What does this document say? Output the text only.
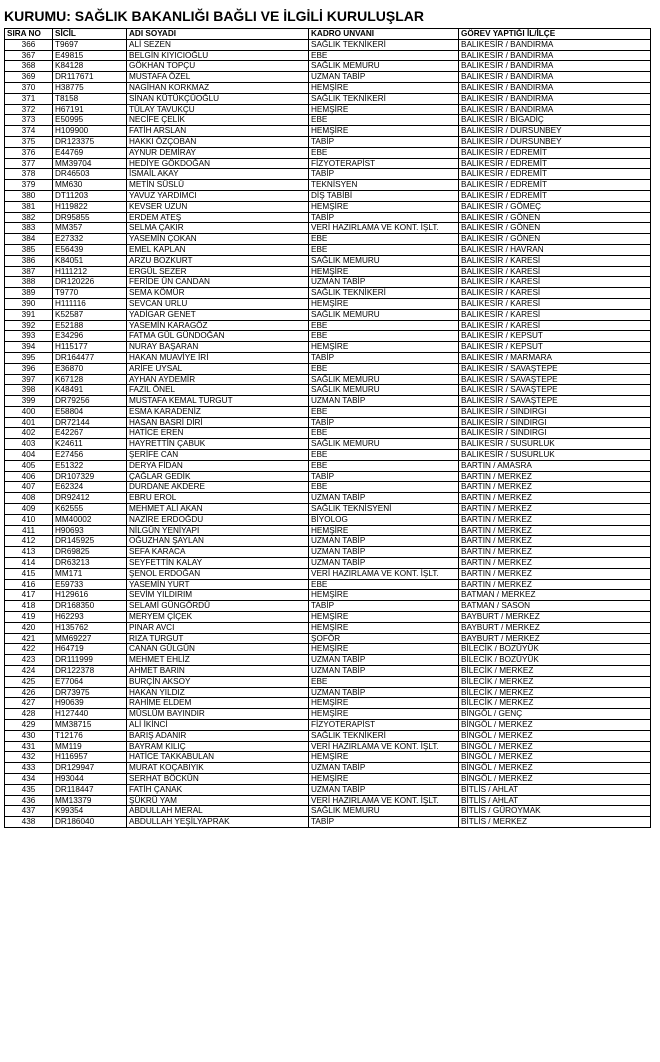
KURUMU: SAĞLIK BAKANLIĞI BAĞLI VE İLGİLİ KURULUŞLAR
SIRA NO	SİCİL	ADI SOYADI	KADRO UNVANI	GÖREV YAPTIĞI İL/İLÇE
366	T9697	ALİ SEZEN	SAĞLIK TEKNİKERİ	BALIKESİR / BANDIRMA
367	E49815	BELGİN KIYICIOĞLU	EBE	BALIKESİR / BANDIRMA
368	K84128	GÖKHAN TOPÇU	SAĞLIK MEMURU	BALIKESİR / BANDIRMA
369	DR117671	MUSTAFA ÖZEL	UZMAN TABİP	BALIKESİR / BANDIRMA
370	H38775	NAGİHAN KORKMAZ	HEMŞİRE	BALIKESİR / BANDIRMA
371	T8158	SİNAN KÜTÜKÇÜOĞLU	SAĞLIK TEKNİKERİ	BALIKESİR / BANDIRMA
372	H67191	TÜLAY TAVUKÇU	HEMŞİRE	BALIKESİR / BANDIRMA
373	E50995	NECİFE ÇELİK	EBE	BALIKESİR / BİGADİÇ
374	H109900	FATİH ARSLAN	HEMŞİRE	BALIKESİR / DURSUNBEY
375	DR123375	HAKKI ÖZÇOBAN	TABİP	BALIKESİR / DURSUNBEY
376	E44769	AYNUR DEMİRAY	EBE	BALIKESİR / EDREMİT
377	MM39704	HEDİYE GÖKDOĞAN	FİZYOTERAPİST	BALIKESİR / EDREMİT
378	DR46503	İSMAİL AKAY	TABİP	BALIKESİR / EDREMİT
379	MM630	METİN SÜSLÜ	TEKNİSYEN	BALIKESİR / EDREMİT
380	DT11203	YAVUZ YARDIMCI	DİŞ TABİBİ	BALIKESİR / EDREMİT
381	H119822	KEVSER UZUN	HEMŞİRE	BALIKESİR / GÖMEÇ
382	DR95855	ERDEM ATEŞ	TABİP	BALIKESİR / GÖNEN
383	MM357	SELMA ÇAKIR	VERİ HAZIRLAMA VE KONT. İŞLT.	BALIKESİR / GÖNEN
384	E27332	YASEMİN ÇOKAN	EBE	BALIKESİR / GÖNEN
385	E56439	EMEL KAPLAN	EBE	BALIKESİR / HAVRAN
386	K84051	ARZU BOZKURT	SAĞLIK MEMURU	BALIKESİR / KARESİ
387	H111212	ERGÜL SEZER	HEMŞİRE	BALIKESİR / KARESİ
388	DR120226	FERİDE ÜN CANDAN	UZMAN TABİP	BALIKESİR / KARESİ
389	T9770	SEMA KÖMÜR	SAĞLIK TEKNİKERİ	BALIKESİR / KARESİ
390	H111116	SEVCAN URLU	HEMŞİRE	BALIKESİR / KARESİ
391	K52587	YADİGAR GENET	SAĞLIK MEMURU	BALIKESİR / KARESİ
392	E52188	YASEMİN KARAGÖZ	EBE	BALIKESİR / KARESİ
393	E34296	FATMA GÜL GÜNDOĞAN	EBE	BALIKESİR / KEPSUT
394	H115177	NURAY BAŞARAN	HEMŞİRE	BALIKESİR / KEPSUT
395	DR164477	HAKAN MUAVİYE İRİ	TABİP	BALIKESİR / MARMARA
396	E36870	ARİFE UYSAL	EBE	BALIKESİR / SAVAŞTEPE
397	K67128	AYHAN AYDEMİR	SAĞLIK MEMURU	BALIKESİR / SAVAŞTEPE
398	K48491	FAZIL ÖNEL	SAĞLIK MEMURU	BALIKESİR / SAVAŞTEPE
399	DR79256	MUSTAFA KEMAL TURGUT	UZMAN TABİP	BALIKESİR / SAVAŞTEPE
400	E58804	ESMA KARADENİZ	EBE	BALIKESİR / SINDIRGI
401	DR72144	HASAN BASRİ DİRİ	TABİP	BALIKESİR / SINDIRGI
402	E42267	HATİCE EREN	EBE	BALIKESİR / SINDIRGI
403	K24611	HAYRETTİN ÇABUK	SAĞLIK MEMURU	BALIKESİR / SUSURLUK
404	E27456	ŞERİFE CAN	EBE	BALIKESİR / SUSURLUK
405	E51322	DERYA FİDAN	EBE	BARTIN / AMASRA
406	DR107329	ÇAĞLAR GEDİK	TABİP	BARTIN / MERKEZ
407	E62324	DURDANE AKDERE	EBE	BARTIN / MERKEZ
408	DR92412	EBRU EROL	UZMAN TABİP	BARTIN / MERKEZ
409	K62555	MEHMET ALİ AKAN	SAĞLIK TEKNİSYENİ	BARTIN / MERKEZ
410	MM40002	NAZİRE ERDOĞDU	BİYOLOG	BARTIN / MERKEZ
411	H90693	NİLGÜN YENİYAPI	HEMŞİRE	BARTIN / MERKEZ
412	DR145925	OĞUZHAN ŞAYLAN	UZMAN TABİP	BARTIN / MERKEZ
413	DR69825	SEFA KARACA	UZMAN TABİP	BARTIN / MERKEZ
414	DR63213	SEYFETTİN KALAY	UZMAN TABİP	BARTIN / MERKEZ
415	MM171	ŞENOL ERDOĞAN	VERİ HAZIRLAMA VE KONT. İŞLT.	BARTIN / MERKEZ
416	E59733	YASEMİN YURT	EBE	BARTIN / MERKEZ
417	H129616	SEVİM YILDIRIM	HEMŞİRE	BATMAN / MERKEZ
418	DR168350	SELAMİ GÜNGÖRDÜ	TABİP	BATMAN / SASON
419	H62293	MERYEM ÇİÇEK	HEMŞİRE	BAYBURT / MERKEZ
420	H135762	PINAR AVCI	HEMŞİRE	BAYBURT / MERKEZ
421	MM69227	RIZA TURGUT	ŞOFÖR	BAYBURT / MERKEZ
422	H64719	CANAN GÜLGÜN	HEMŞİRE	BİLECİK / BOZÜYÜK
423	DR111999	MEHMET EHLİZ	UZMAN TABİP	BİLECİK / BOZÜYÜK
424	DR122378	AHMET BARIN	UZMAN TABİP	BİLECİK / MERKEZ
425	E77064	BURÇİN AKSOY	EBE	BİLECİK / MERKEZ
426	DR73975	HAKAN YILDIZ	UZMAN TABİP	BİLECİK / MERKEZ
427	H90639	RAHİME ELDEM	HEMŞİRE	BİLECİK / MERKEZ
428	H127440	MÜSLÜM BAYINDIR	HEMŞİRE	BİNGÖL / GENÇ
429	MM38715	ALİ İKİNCİ	FİZYOTERAPİST	BİNGÖL / MERKEZ
430	T12176	BARIŞ ADANIR	SAĞLIK TEKNİKERİ	BİNGÖL / MERKEZ
431	MM119	BAYRAM KILIÇ	VERİ HAZIRLAMA VE KONT. İŞLT.	BİNGÖL / MERKEZ
432	H116957	HATİCE TAKKABULAN	HEMŞİRE	BİNGÖL / MERKEZ
433	DR129947	MURAT KOÇABIYIK	UZMAN TABİP	BİNGÖL / MERKEZ
434	H93044	SERHAT BÖCKÜN	HEMŞİRE	BİNGÖL / MERKEZ
435	DR118447	FATİH ÇANAK	UZMAN TABİP	BİTLİS / AHLAT
436	MM13379	ŞÜKRÜ YAM	VERİ HAZIRLAMA VE KONT. İŞLT.	BİTLİS / AHLAT
437	K99354	ABDULLAH MERAL	SAĞLIK MEMURU	BİTLİS / GÜROYMAK
438	DR186040	ABDULLAH YEŞİLYAPRAK	TABİP	BİTLİS / MERKEZ
